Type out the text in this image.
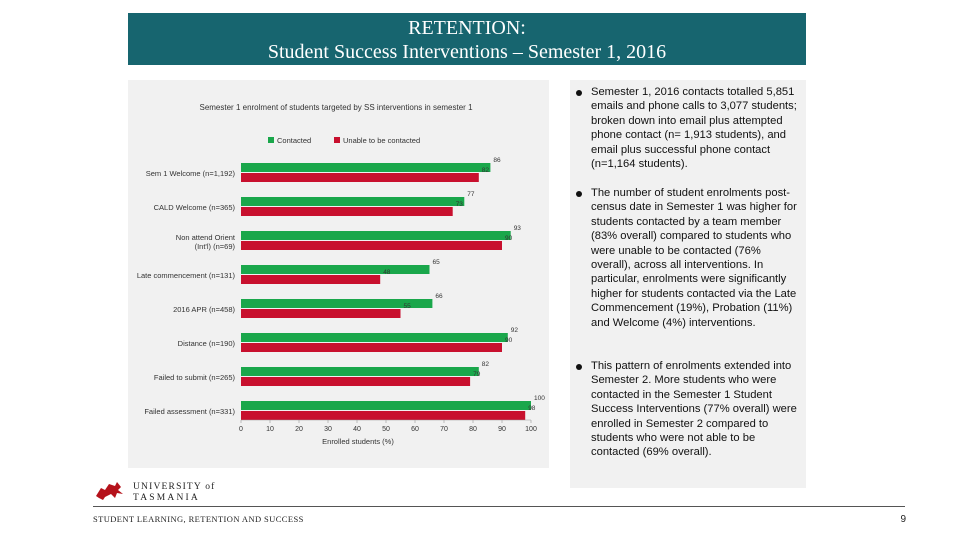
RETENTION:
Student Success Interventions – Semester 1, 2016
Semester 1 enrolment of students targeted by SS interventions in semester 1
Contacted	Unable to be contacted
Sem 1 Welcome (n=1,192)
86
82
CALD Welcome (n=365)
77
73
Non attend Orient (Int'l) (n=69)
93
90
Late commencement (n=131)
65
48
2016 APR (n=458)
66
55
Distance (n=190)
92
90
Failed to submit (n=265)
82
79
Failed assessment (n=331)
100
98
0	10	20	30	40	50	60	70	80	90	100
Enrolled students (%)
Semester 1, 2016 contacts totalled 5,851 emails and phone calls to 3,077 students; broken down into email plus attempted phone contact (n= 1,913 students), and email plus successful phone contact (n=1,164 students).
The number of student enrolments post-census date in Semester 1 was higher for students contacted by a team member (83% overall) compared to students who were unable to be contacted (76% overall), across all interventions. In particular, enrolments were significantly higher for students contacted via the Late Commencement (19%), Probation (11%) and Welcome (4%) interventions.
This pattern of enrolments extended into Semester 2. More students who were contacted in the Semester 1 Student Success Interventions (77% overall) were enrolled in Semester 2 compared to students who were not able to be contacted (69% overall).
UNIVERSITY of
TASMANIA
STUDENT LEARNING, RETENTION AND SUCCESS	9
